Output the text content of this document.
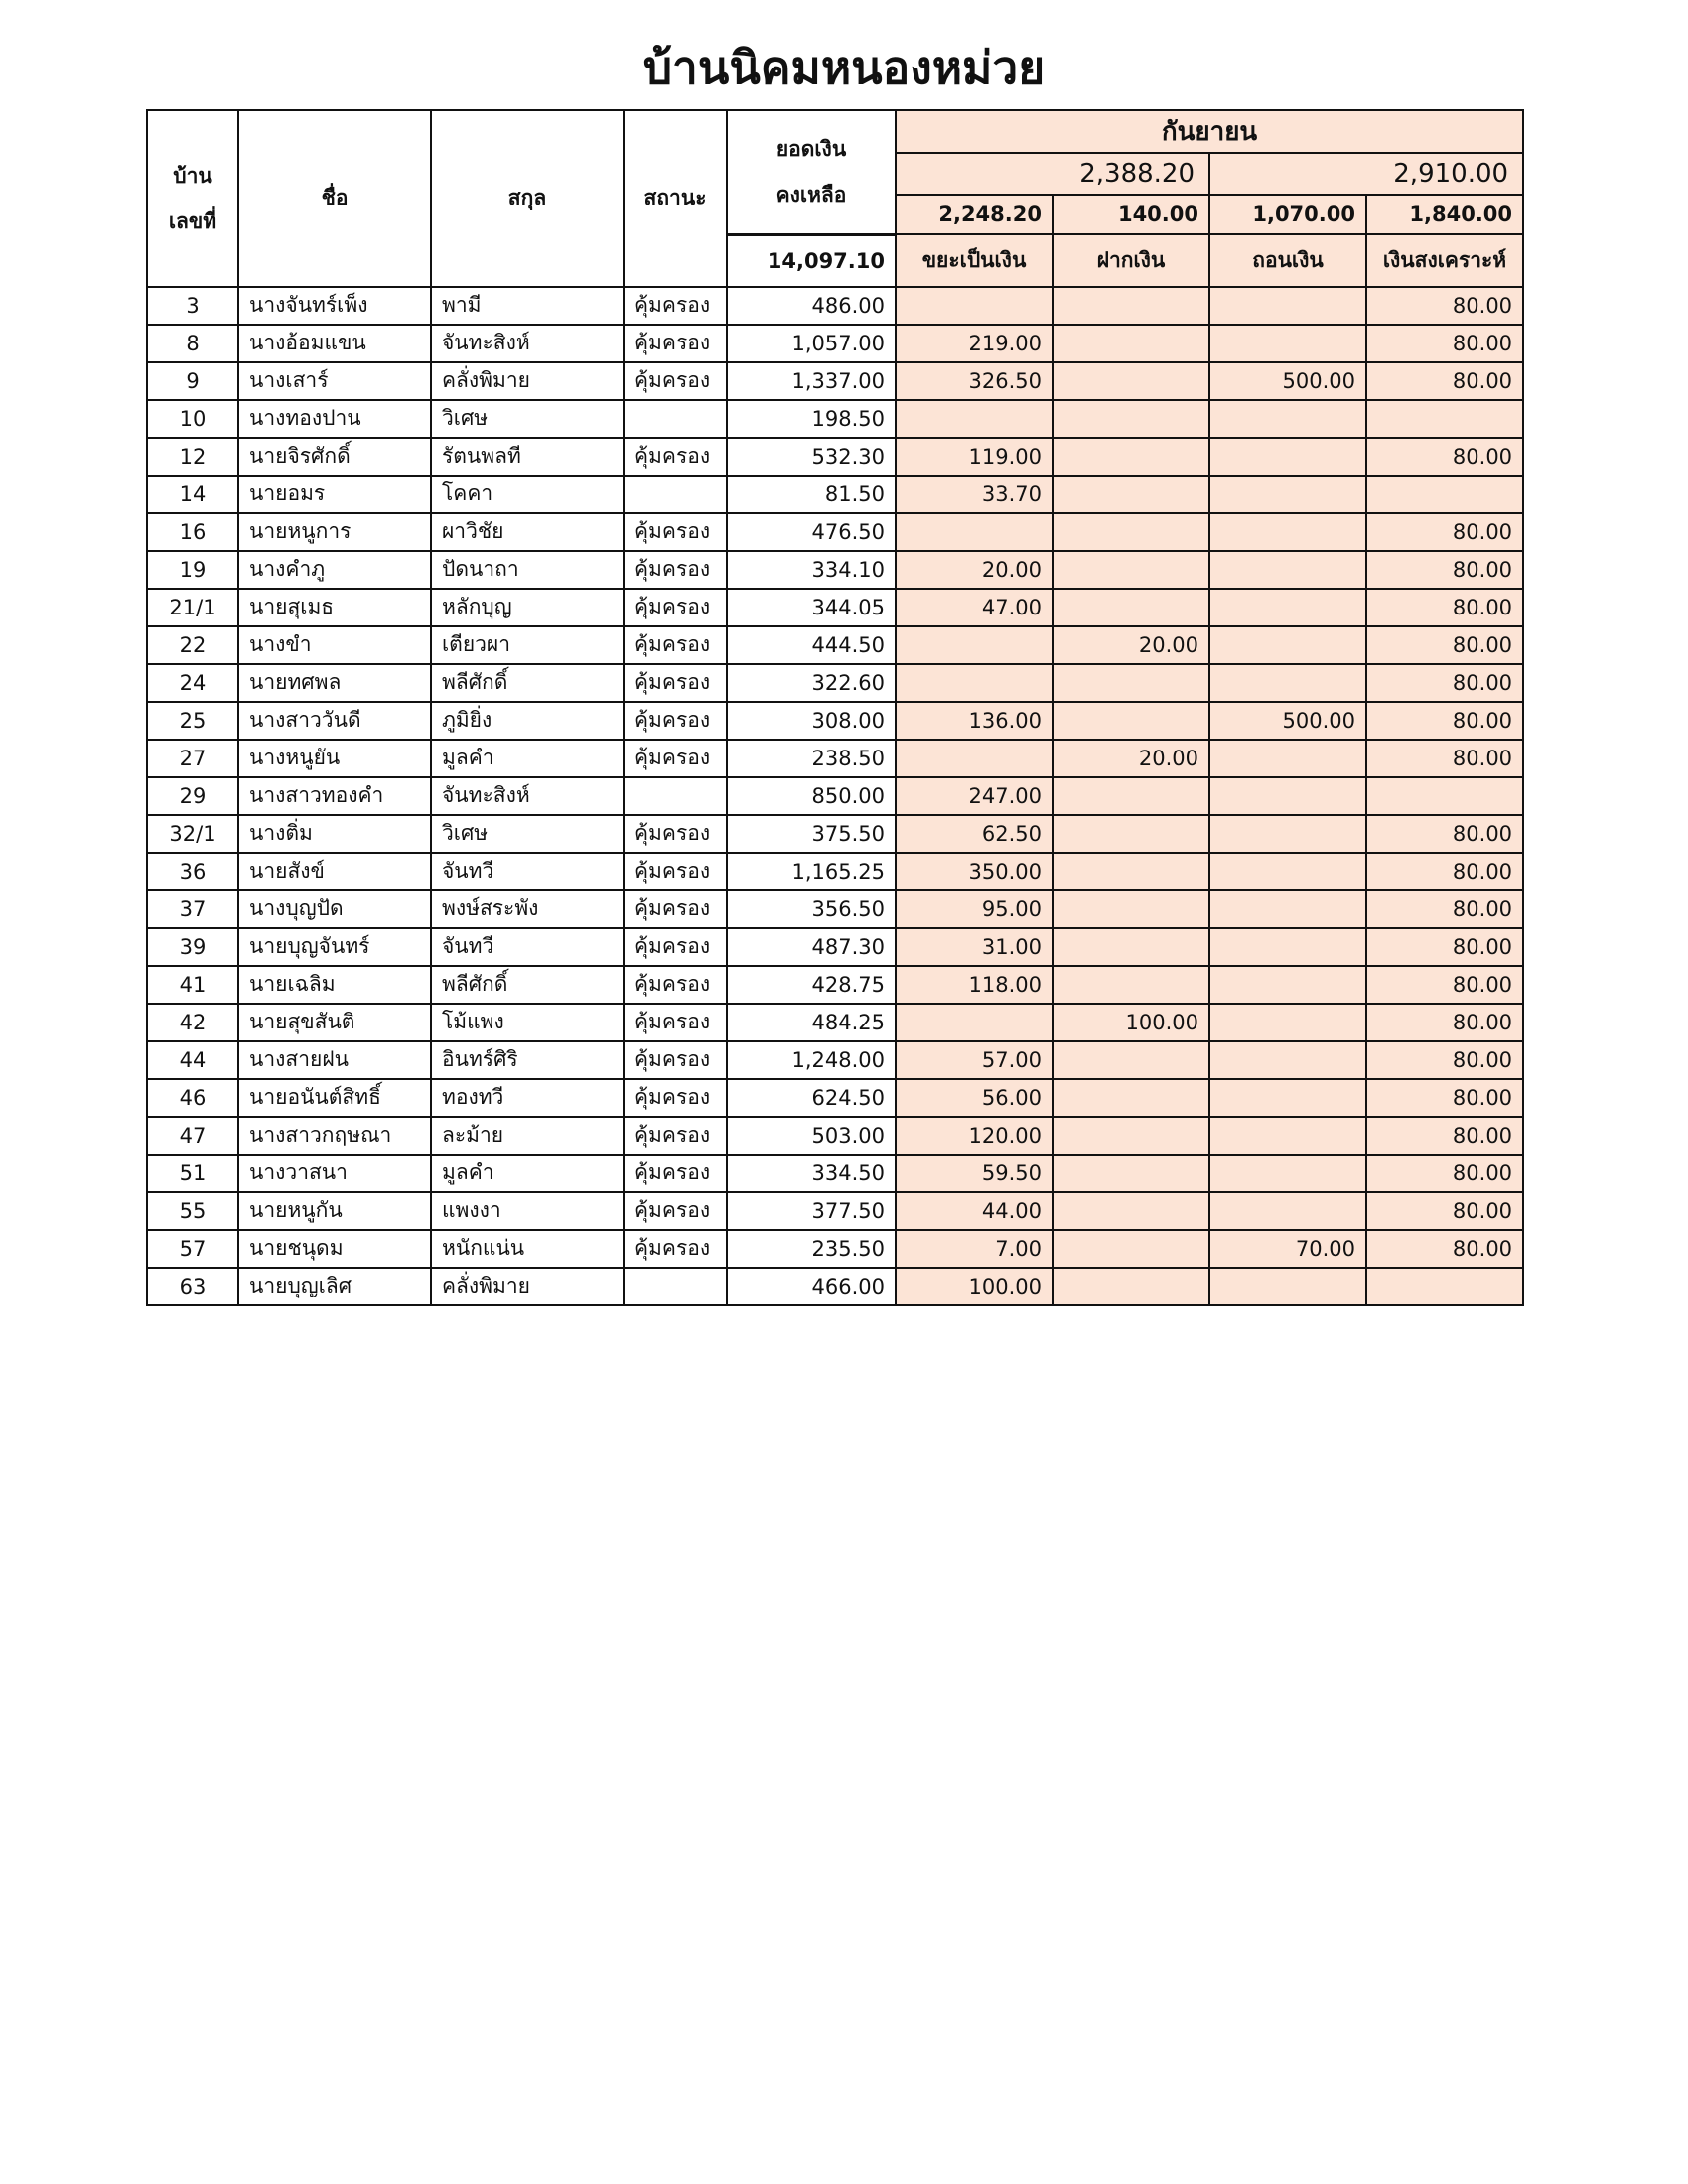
บ้านนิคมหนองหม่วย
บ้าน
เลขที่	ชื่อ	สกุล	สถานะ	ยอดเงิน
คงเหลือ	กันยายน			
					2,388.20		2,910.00	
					2,248.20	140.00	1,070.00	1,840.00
				14,097.10	ขยะเป็นเงิน	ฝากเงิน	ถอนเงิน	เงินสงเคราะห์
3	นางจันทร์เพ็ง	พามี	คุ้มครอง	486.00				80.00
8	นางอ้อมแขน	จันทะสิงห์	คุ้มครอง	1,057.00	219.00			80.00
9	นางเสาร์	คลั่งพิมาย	คุ้มครอง	1,337.00	326.50		500.00	80.00
10	นางทองปาน	วิเศษ		198.50				
12	นายจิรศักดิ์	รัตนพลที	คุ้มครอง	532.30	119.00			80.00
14	นายอมร	โคคา		81.50	33.70			
16	นายหนูการ	ผาวิชัย	คุ้มครอง	476.50				80.00
19	นางคำภู	ปัดนาถา	คุ้มครอง	334.10	20.00			80.00
21/1	นายสุเมธ	หลักบุญ	คุ้มครอง	344.05	47.00			80.00
22	นางขำ	เตียวผา	คุ้มครอง	444.50		20.00		80.00
24	นายทศพล	พลีศักดิ์	คุ้มครอง	322.60				80.00
25	นางสาววันดี	ภูมิยิ่ง	คุ้มครอง	308.00	136.00		500.00	80.00
27	นางหนูยัน	มูลคำ	คุ้มครอง	238.50		20.00		80.00
29	นางสาวทองคำ	จันทะสิงห์		850.00	247.00			
32/1	นางติ่ม	วิเศษ	คุ้มครอง	375.50	62.50			80.00
36	นายสังข์	จันทวี	คุ้มครอง	1,165.25	350.00			80.00
37	นางบุญปัด	พงษ์สระพัง	คุ้มครอง	356.50	95.00			80.00
39	นายบุญจันทร์	จันทวี	คุ้มครอง	487.30	31.00			80.00
41	นายเฉลิม	พลีศักดิ์	คุ้มครอง	428.75	118.00			80.00
42	นายสุขสันติ	โม้แพง	คุ้มครอง	484.25		100.00		80.00
44	นางสายฝน	อินทร์ศิริ	คุ้มครอง	1,248.00	57.00			80.00
46	นายอนันต์สิทธิ์	ทองทวี	คุ้มครอง	624.50	56.00			80.00
47	นางสาวกฤษณา	ละม้าย	คุ้มครอง	503.00	120.00			80.00
51	นางวาสนา	มูลคำ	คุ้มครอง	334.50	59.50			80.00
55	นายหนูกัน	แพงงา	คุ้มครอง	377.50	44.00			80.00
57	นายชนุดม	หนักแน่น	คุ้มครอง	235.50	7.00		70.00	80.00
63	นายบุญเลิศ	คลั่งพิมาย		466.00	100.00			
